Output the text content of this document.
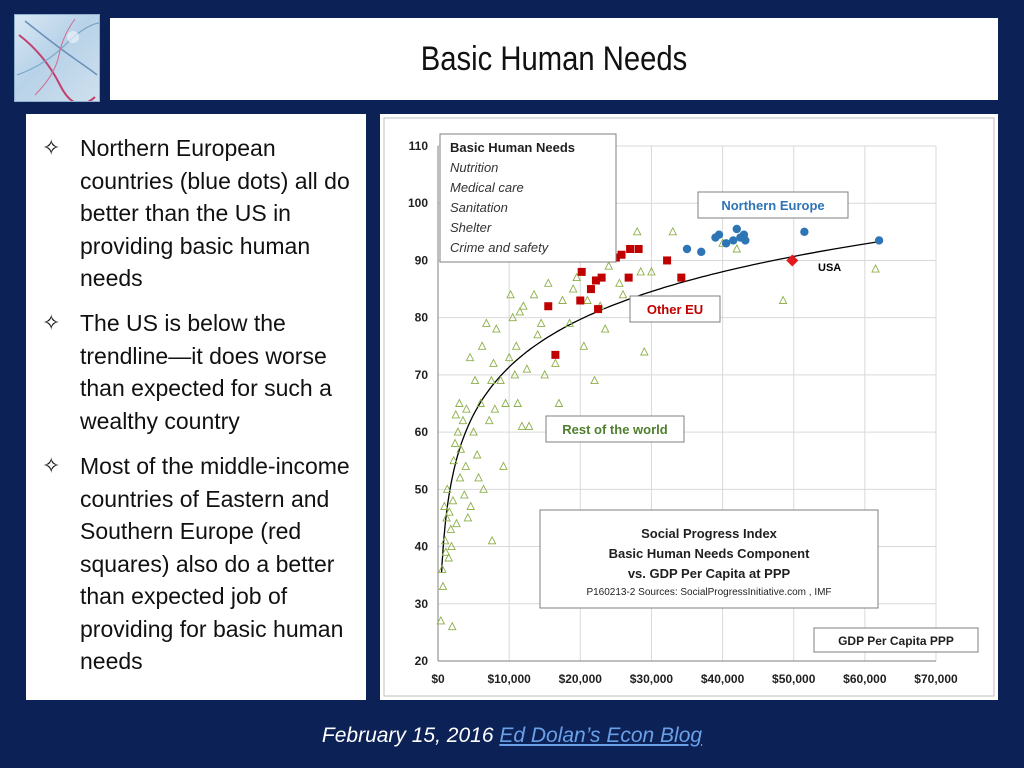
Basic Human Needs
✧ Northern European countries (blue dots) all do better than the US in providing basic human needs
✧ The US is below the trendline—it does worse than expected for such a wealthy country
✧ Most of the middle-income countries of Eastern and Southern Europe (red squares) also do a better than expected job of providing for basic human needs
$0	$10,000 $20,000 $30,000 $40,000 $50,000 $60,000 $70,000
20
30
40
50
60
70
80
90
100
110 Basic Human Needs
Nutrition
Medical care
Sanitation
Shelter
Crime and safety
Northern Europe
Other EU
Rest of the world
USA
Social Progress Index
Basic Human Needs Component
vs. GDP Per Capita at PPP
P160213-2 Sources: SocialProgressInitiative.com , IMF
GDP Per Capita PPP
February 15, 2016 Ed Dolan’s Econ Blog
